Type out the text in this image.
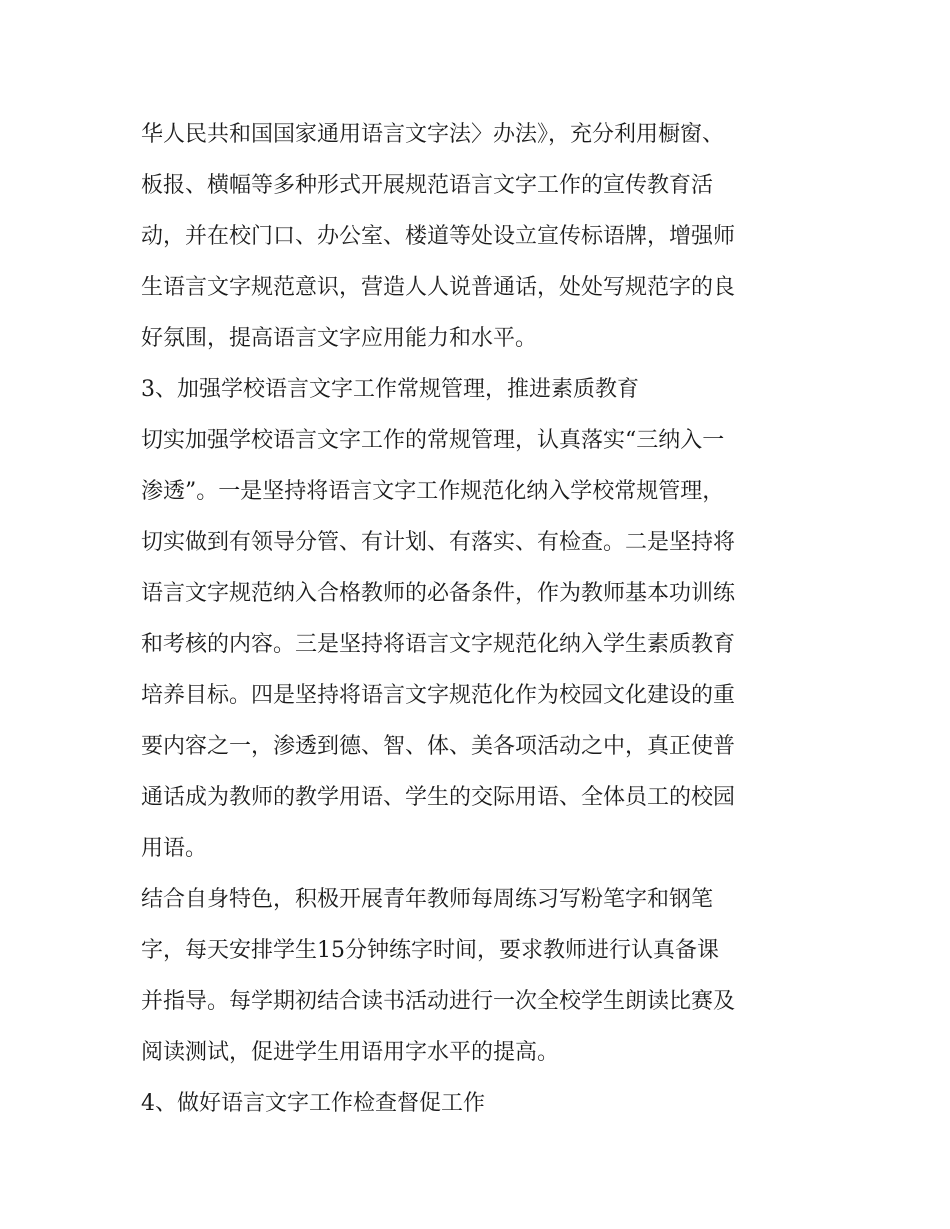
华人民共和国国家通用语言文字法〉办法》，充分利用橱窗、

板报、横幅等多种形式开展规范语言文字工作的宣传教育活

动，并在校门口、办公室、楼道等处设立宣传标语牌，增强师

生语言文字规范意识，营造人人说普通话，处处写规范字的良

好氛围，提高语言文字应用能力和水平。

3、加强学校语言文字工作常规管理，推进素质教育

切实加强学校语言文字工作的常规管理，认真落实“三纳入一

渗透”。一是坚持将语言文字工作规范化纳入学校常规管理，

切实做到有领导分管、有计划、有落实、有检查。二是坚持将

语言文字规范纳入合格教师的必备条件，作为教师基本功训练

和考核的内容。三是坚持将语言文字规范化纳入学生素质教育

培养目标。四是坚持将语言文字规范化作为校园文化建设的重

要内容之一，渗透到德、智、体、美各项活动之中，真正使普

通话成为教师的教学用语、学生的交际用语、全体员工的校园

用语。

结合自身特色，积极开展青年教师每周练习写粉笔字和钢笔

字，每天安排学生15分钟练字时间，要求教师进行认真备课

并指导。每学期初结合读书活动进行一次全校学生朗读比赛及

阅读测试，促进学生用语用字水平的提高。

4、做好语言文字工作检查督促工作
